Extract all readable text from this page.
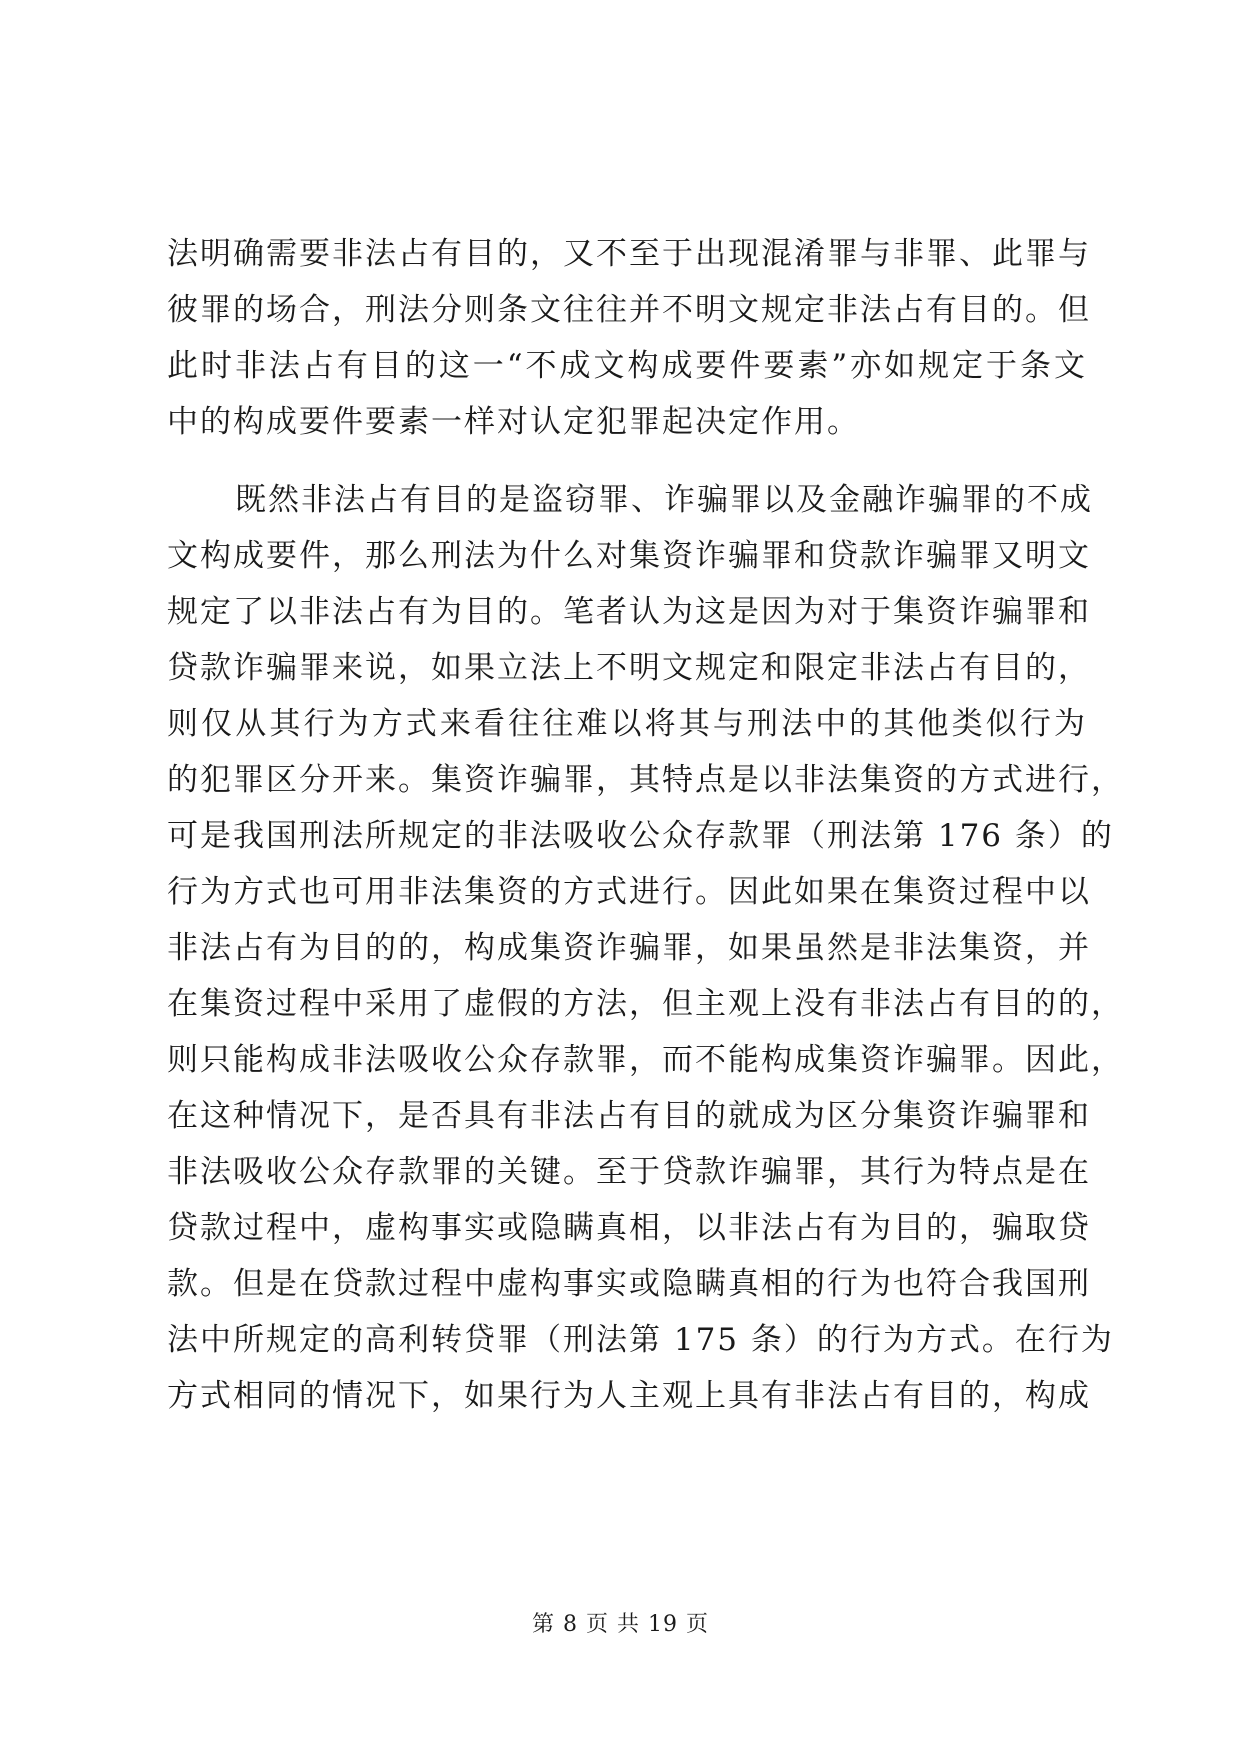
法明确需要非法占有目的，又不至于出现混淆罪与非罪、此罪与
彼罪的场合，刑法分则条文往往并不明文规定非法占有目的。但
此时非法占有目的这一“不成文构成要件要素”亦如规定于条文
中的构成要件要素一样对认定犯罪起决定作用。
既然非法占有目的是盗窃罪、诈骗罪以及金融诈骗罪的不成
文构成要件，那么刑法为什么对集资诈骗罪和贷款诈骗罪又明文
规定了以非法占有为目的。笔者认为这是因为对于集资诈骗罪和
贷款诈骗罪来说，如果立法上不明文规定和限定非法占有目的，
则仅从其行为方式来看往往难以将其与刑法中的其他类似行为
的犯罪区分开来。集资诈骗罪，其特点是以非法集资的方式进行，
可是我国刑法所规定的非法吸收公众存款罪（刑法第 176 条）的
行为方式也可用非法集资的方式进行。因此如果在集资过程中以
非法占有为目的的，构成集资诈骗罪，如果虽然是非法集资，并
在集资过程中采用了虚假的方法，但主观上没有非法占有目的的，
则只能构成非法吸收公众存款罪，而不能构成集资诈骗罪。因此，
在这种情况下，是否具有非法占有目的就成为区分集资诈骗罪和
非法吸收公众存款罪的关键。至于贷款诈骗罪，其行为特点是在
贷款过程中，虚构事实或隐瞒真相，以非法占有为目的，骗取贷
款。但是在贷款过程中虚构事实或隐瞒真相的行为也符合我国刑
法中所规定的高利转贷罪（刑法第 175 条）的行为方式。在行为
方式相同的情况下，如果行为人主观上具有非法占有目的，构成
第 8 页 共 19 页
